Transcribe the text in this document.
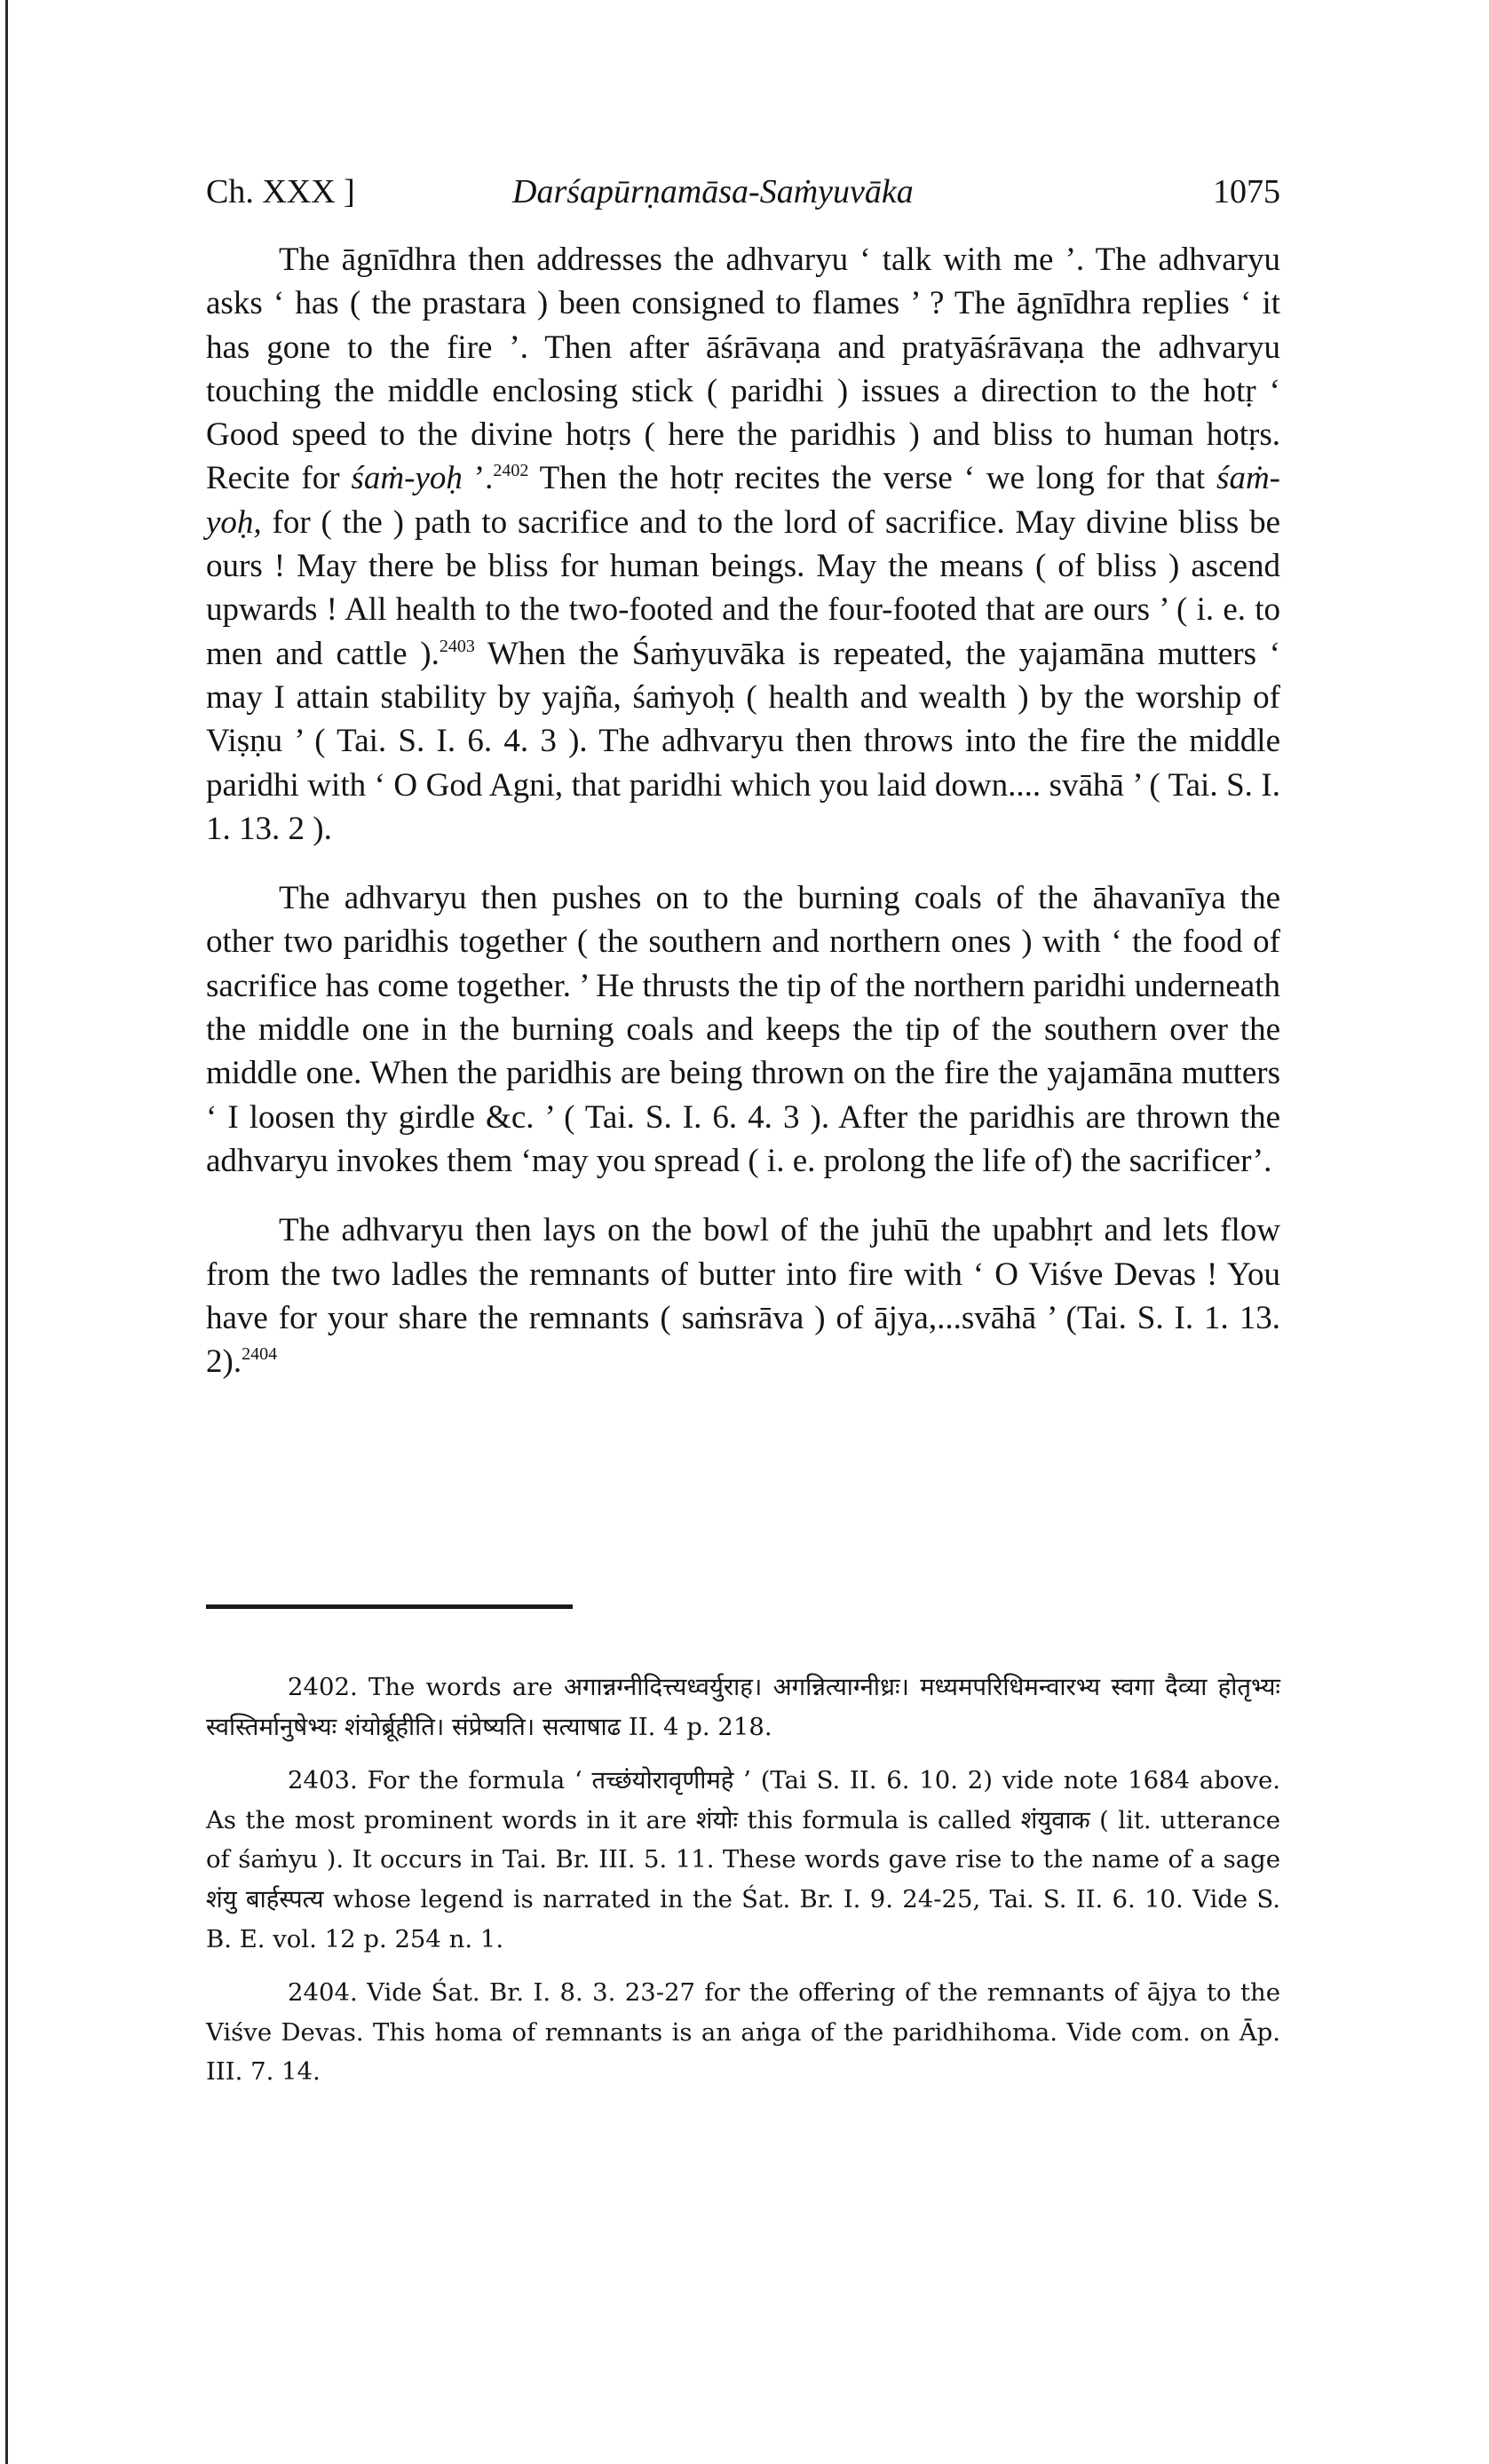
Ch. XXX ]	Darśapūrṇamāsa-Saṁyuvāka	1075

The āgnīdhra then addresses the adhvaryu ‘ talk with me ’. The adhvaryu asks ‘ has ( the prastara ) been consigned to flames ’ ? The āgnīdhra replies ‘ it has gone to the fire ’. Then after āśrāvaṇa and pratyāśrāvaṇa the adhvaryu touching the middle enclosing stick ( paridhi ) issues a direction to the hotṛ ‘ Good speed to the divine hotṛs ( here the paridhis ) and bliss to human hotṛs. Recite for śaṁ-yoḥ ’.$^{2402}$ Then the hotṛ recites the verse ‘ we long for that śaṁ-yoḥ, for ( the ) path to sacrifice and to the lord of sacrifice. May divine bliss be ours ! May there be bliss for human beings. May the means ( of bliss ) ascend upwards ! All health to the two-footed and the four-footed that are ours ’ ( i. e. to men and cattle ).$^{2403}$ When the Śaṁyuvāka is repeated, the yajamāna mutters ‘ may I attain stability by yajña, śaṁyoḥ ( health and wealth ) by the worship of Viṣṇu ’ ( Tai. S. I. 6. 4. 3 ). The adhvaryu then throws into the fire the middle paridhi with ‘ O God Agni, that paridhi which you laid down.... svāhā ’ ( Tai. S. I. 1. 13. 2 ).

The adhvaryu then pushes on to the burning coals of the āhavanīya the other two paridhis together ( the southern and northern ones ) with ‘ the food of sacrifice has come together. ’ He thrusts the tip of the northern paridhi underneath the middle one in the burning coals and keeps the tip of the southern over the middle one. When the paridhis are being thrown on the fire the yajamāna mutters ‘ I loosen thy girdle &c. ’ ( Tai. S. I. 6. 4. 3 ). After the paridhis are thrown the adhvaryu invokes them ‘may you spread ( i. e. prolong the life of) the sacrificer’.

The adhvaryu then lays on the bowl of the juhū the upabhṛt and lets flow from the two ladles the remnants of butter into fire with ‘ O Viśve Devas ! You have for your share the remnants ( saṁsrāva ) of ājya,...svāhā ’ (Tai. S. I. 1. 13. 2).$^{2404}$

2402. The words are अगान्नग्नीदित्त्यध्वर्युराह। अगन्नित्याग्नीध्रः। मध्यमपरिधिमन्वारभ्य स्वगा दैव्या होतृभ्यः स्वस्तिर्मानुषेभ्यः शंयोर्ब्रूहीति। संप्रेष्यति। सत्याषाढ II. 4 p. 218.

2403. For the formula ‘ तच्छंयोरावृणीमहे ’ (Tai S. II. 6. 10. 2) vide note 1684 above. As the most prominent words in it are शंयोः this formula is called शंयुवाक ( lit. utterance of śaṁyu ). It occurs in Tai. Br. III. 5. 11. These words gave rise to the name of a sage शंयु बार्हस्पत्य whose legend is narrated in the Śat. Br. I. 9. 24-25, Tai. S. II. 6. 10. Vide S. B. E. vol. 12 p. 254 n. 1.

2404. Vide Śat. Br. I. 8. 3. 23-27 for the offering of the remnants of ājya to the Viśve Devas. This homa of remnants is an aṅga of the paridhihoma. Vide com. on Āp. III. 7. 14.
